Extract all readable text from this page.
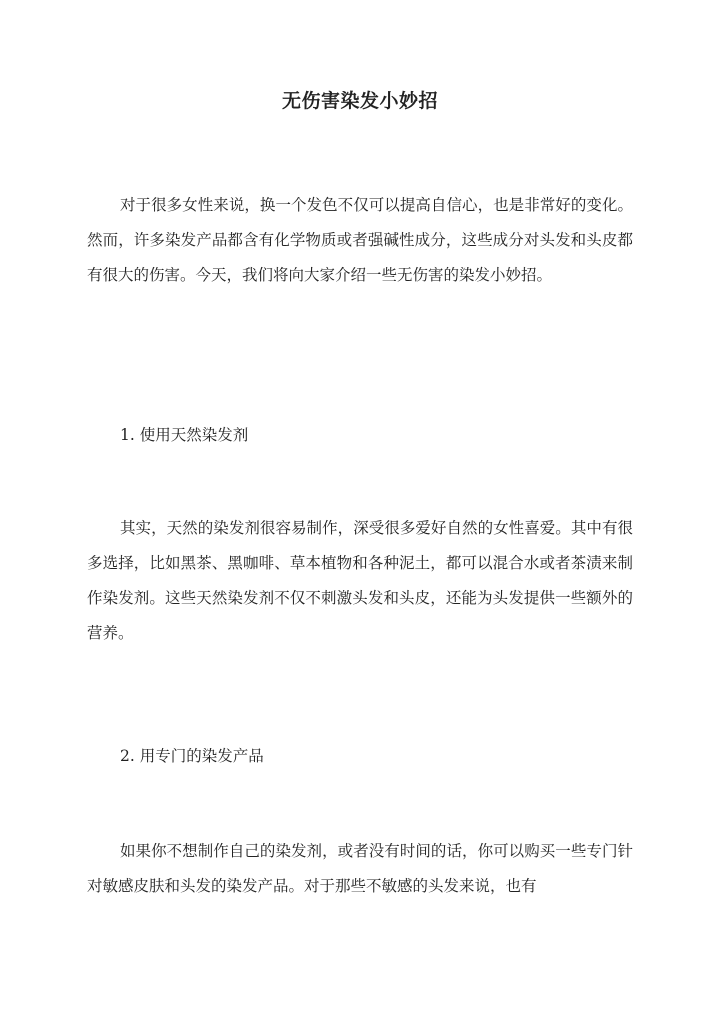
无伤害染发小妙招

对于很多女性来说，换一个发色不仅可以提高自信心，也是非常好的变化。然而，许多染发产品都含有化学物质或者强碱性成分，这些成分对头发和头皮都有很大的伤害。今天，我们将向大家介绍一些无伤害的染发小妙招。

1. 使用天然染发剂

其实，天然的染发剂很容易制作，深受很多爱好自然的女性喜爱。其中有很多选择，比如黑茶、黑咖啡、草本植物和各种泥土，都可以混合水或者茶渍来制作染发剂。这些天然染发剂不仅不刺激头发和头皮，还能为头发提供一些额外的营养。

2. 用专门的染发产品

如果你不想制作自己的染发剂，或者没有时间的话，你可以购买一些专门针对敏感皮肤和头发的染发产品。对于那些不敏感的头发来说，也有
